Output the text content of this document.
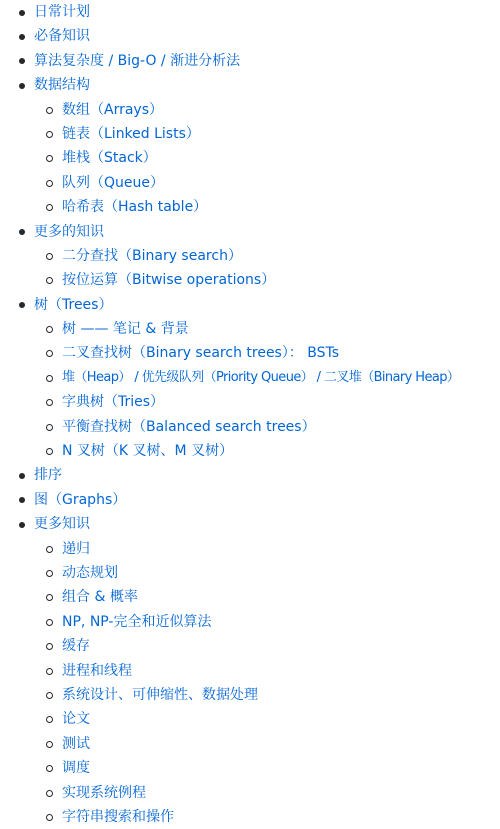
日常计划
必备知识
算法复杂度 / Big-O / 渐进分析法
数据结构
数组（Arrays）
链表（Linked Lists）
堆栈（Stack）
队列（Queue）
哈希表（Hash table）
更多的知识
二分查找（Binary search）
按位运算（Bitwise operations）
树（Trees）
树 —— 笔记 & 背景
二叉查找树（Binary search trees）： BSTs
堆（Heap） / 优先级队列（Priority Queue） / 二叉堆（Binary Heap）
字典树（Tries）
平衡查找树（Balanced search trees）
N 叉树（K 叉树、M 叉树）
排序
图（Graphs）
更多知识
递归
动态规划
组合 & 概率
NP, NP-完全和近似算法
缓存
进程和线程
系统设计、可伸缩性、数据处理
论文
测试
调度
实现系统例程
字符串搜索和操作
